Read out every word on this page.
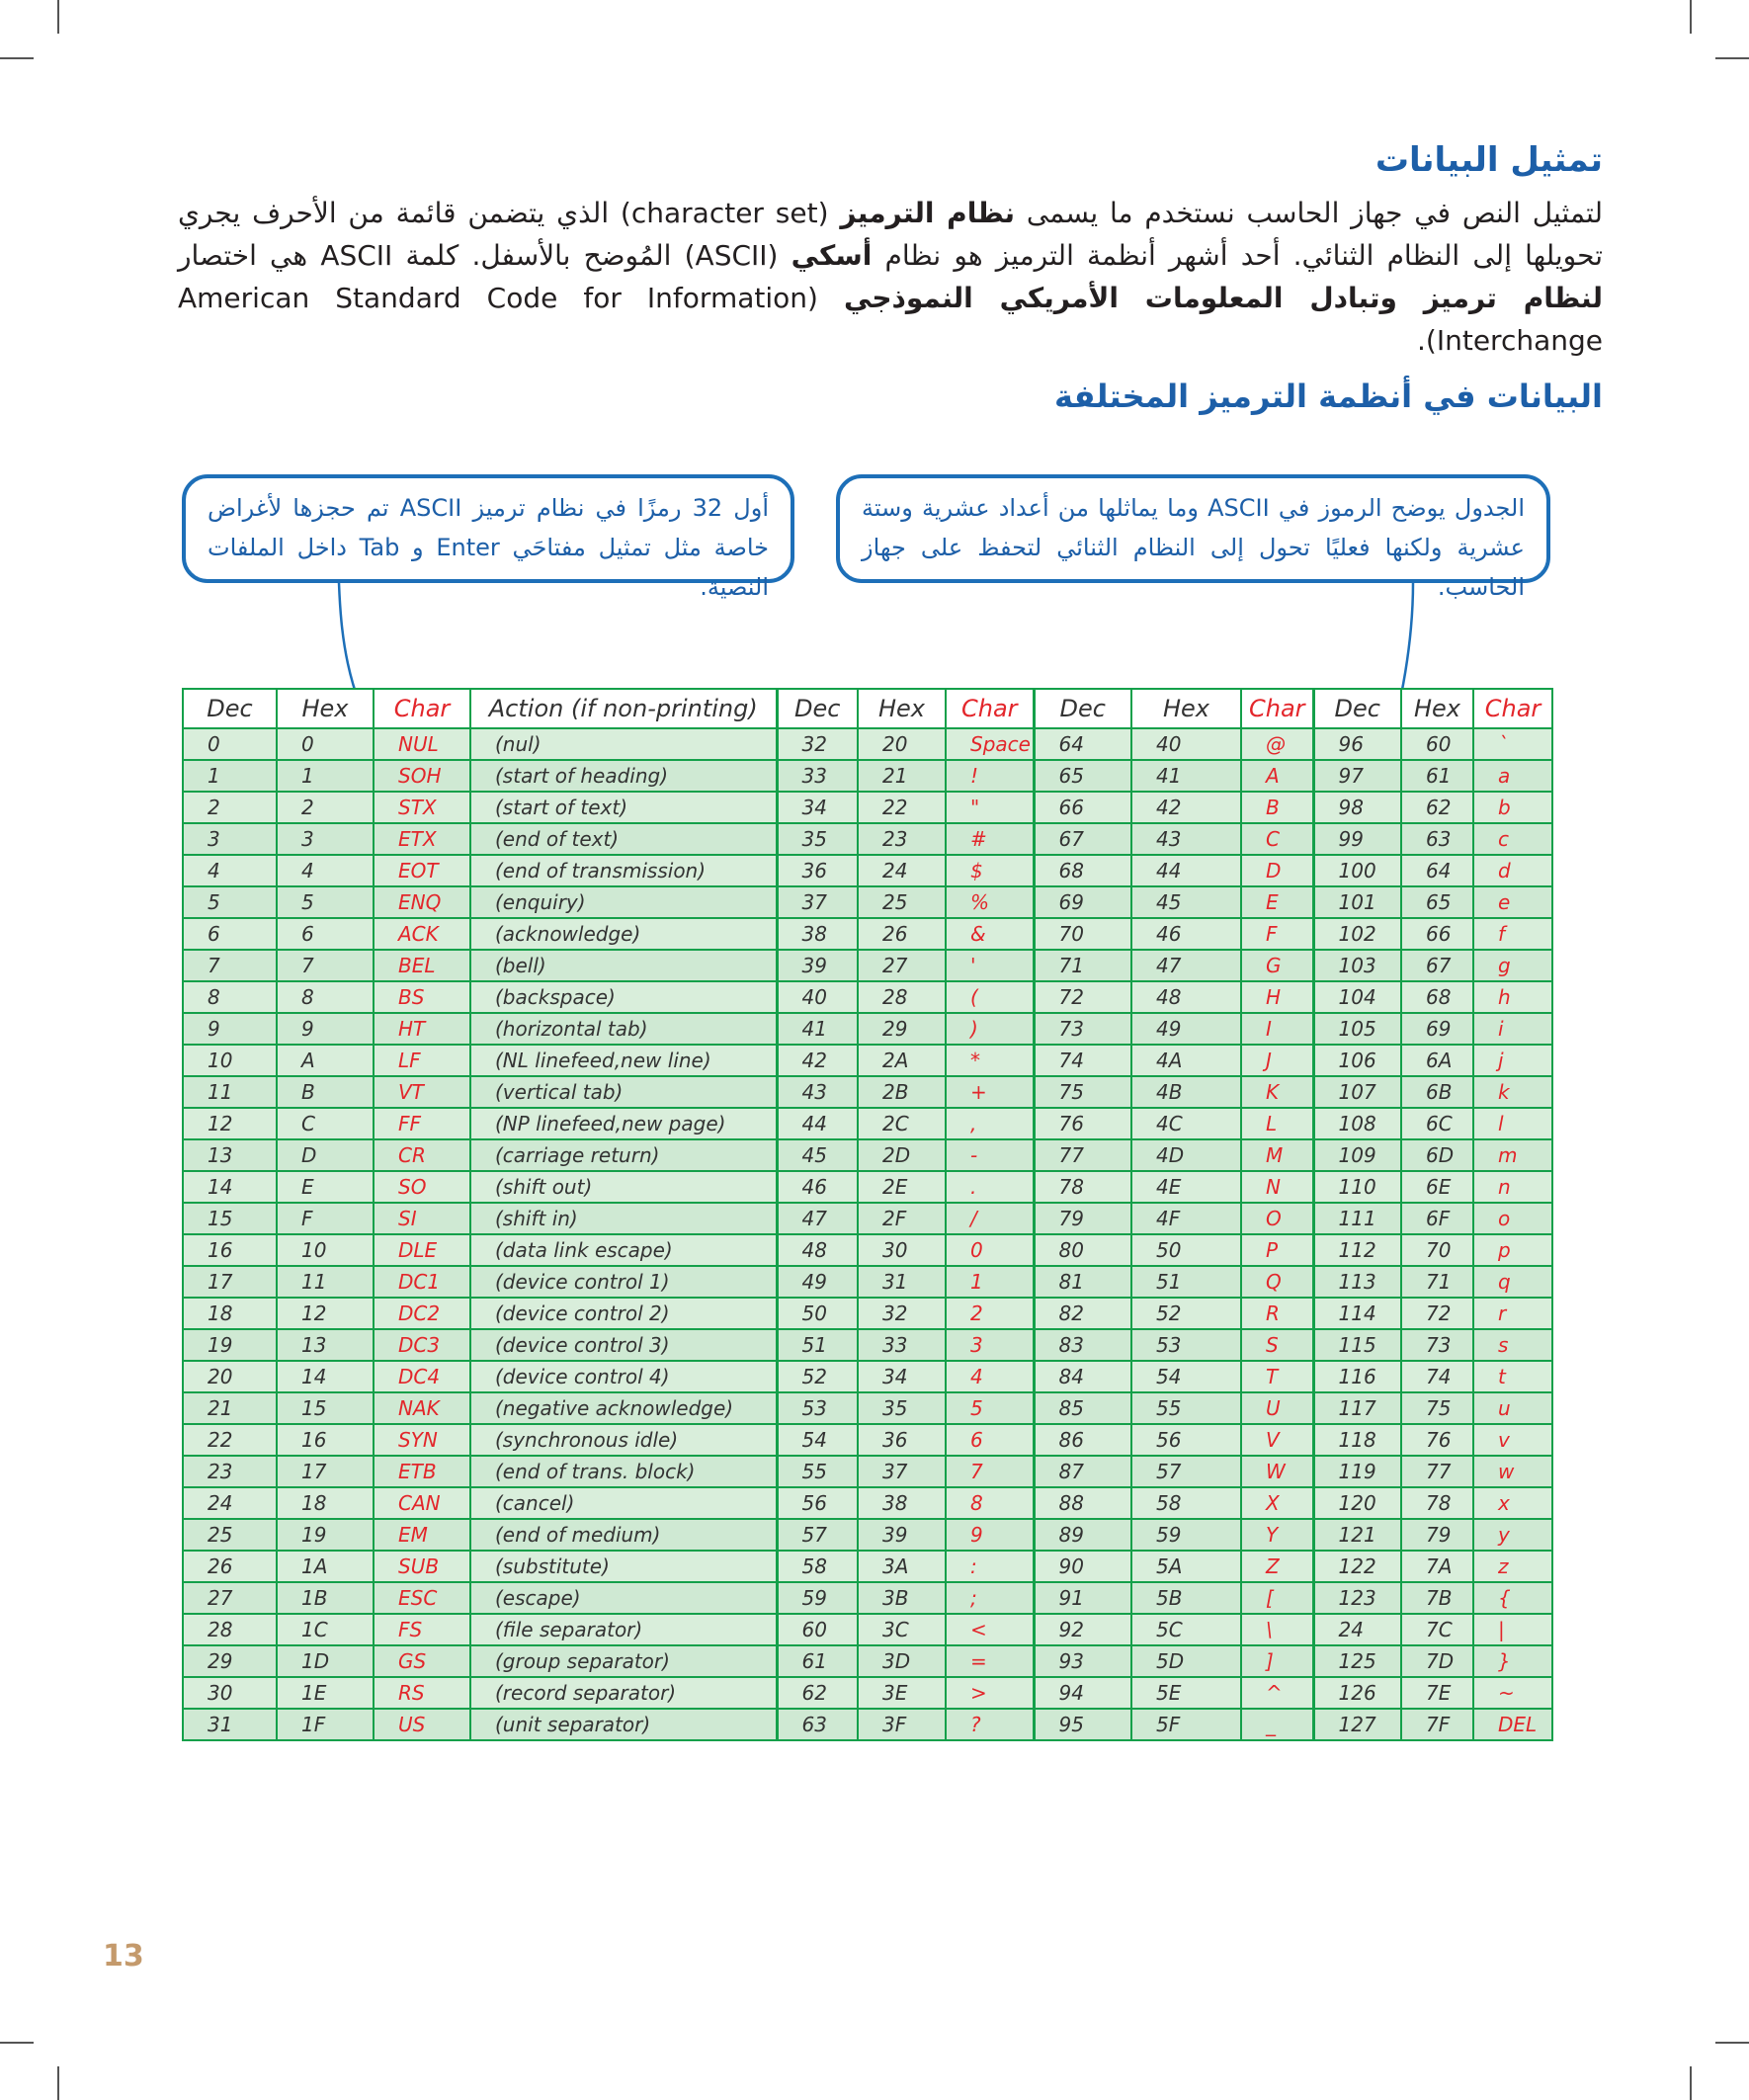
تمثيل البيانات

لتمثيل النص في جهاز الحاسب نستخدم ما يسمى نظام الترميز (character set) الذي يتضمن قائمة من الأحرف يجري تحويلها إلى النظام الثنائي. أحد أشهر أنظمة الترميز هو نظام أسكي (ASCII) المُوضح بالأسفل. كلمة ASCII هي اختصار لنظام ترميز وتبادل المعلومات الأمريكي النموذجي (American Standard Code for Information Interchange).

البيانات في أنظمة الترميز المختلفة
الجدول يوضح الرموز في ASCII وما يماثلها من أعداد عشرية وستة عشرية ولكنها فعليًا تحول إلى النظام الثنائي لتحفظ على جهاز الحاسب.
أول 32 رمزًا في نظام ترميز ASCII تم حجزها لأغراض خاصة مثل تمثيل مفتاحَي Enter و Tab داخل الملفات النصية.
Dec	Hex	Char	Action (if non-printing)	Dec	Hex	Char	Dec	Hex	Char	Dec	Hex	Char
0	0	NUL	(nul)	32	20	Space	64	40	@	96	60	`
1	1	SOH	(start of heading)	33	21	!	65	41	A	97	61	a
2	2	STX	(start of text)	34	22	"	66	42	B	98	62	b
3	3	ETX	(end of text)	35	23	#	67	43	C	99	63	c
4	4	EOT	(end of transmission)	36	24	$	68	44	D	100	64	d
5	5	ENQ	(enquiry)	37	25	%	69	45	E	101	65	e
6	6	ACK	(acknowledge)	38	26	&	70	46	F	102	66	f
7	7	BEL	(bell)	39	27	'	71	47	G	103	67	g
8	8	BS	(backspace)	40	28	(	72	48	H	104	68	h
9	9	HT	(horizontal tab)	41	29	)	73	49	I	105	69	i
10	A	LF	(NL linefeed,new line)	42	2A	*	74	4A	J	106	6A	j
11	B	VT	(vertical tab)	43	2B	+	75	4B	K	107	6B	k
12	C	FF	(NP linefeed,new page)	44	2C	,	76	4C	L	108	6C	l
13	D	CR	(carriage return)	45	2D	-	77	4D	M	109	6D	m
14	E	SO	(shift out)	46	2E	.	78	4E	N	110	6E	n
15	F	SI	(shift in)	47	2F	/	79	4F	O	111	6F	o
16	10	DLE	(data link escape)	48	30	0	80	50	P	112	70	p
17	11	DC1	(device control 1)	49	31	1	81	51	Q	113	71	q
18	12	DC2	(device control 2)	50	32	2	82	52	R	114	72	r
19	13	DC3	(device control 3)	51	33	3	83	53	S	115	73	s
20	14	DC4	(device control 4)	52	34	4	84	54	T	116	74	t
21	15	NAK	(negative acknowledge)	53	35	5	85	55	U	117	75	u
22	16	SYN	(synchronous idle)	54	36	6	86	56	V	118	76	v
23	17	ETB	(end of trans. block)	55	37	7	87	57	W	119	77	w
24	18	CAN	(cancel)	56	38	8	88	58	X	120	78	x
25	19	EM	(end of medium)	57	39	9	89	59	Y	121	79	y
26	1A	SUB	(substitute)	58	3A	:	90	5A	Z	122	7A	z
27	1B	ESC	(escape)	59	3B	;	91	5B	[	123	7B	{
28	1C	FS	(file separator)	60	3C	<	92	5C	\	24	7C	|
29	1D	GS	(group separator)	61	3D	=	93	5D	]	125	7D	}
30	1E	RS	(record separator)	62	3E	>	94	5E	^	126	7E	~
31	1F	US	(unit separator)	63	3F	?	95	5F	_	127	7F	DEL
13
